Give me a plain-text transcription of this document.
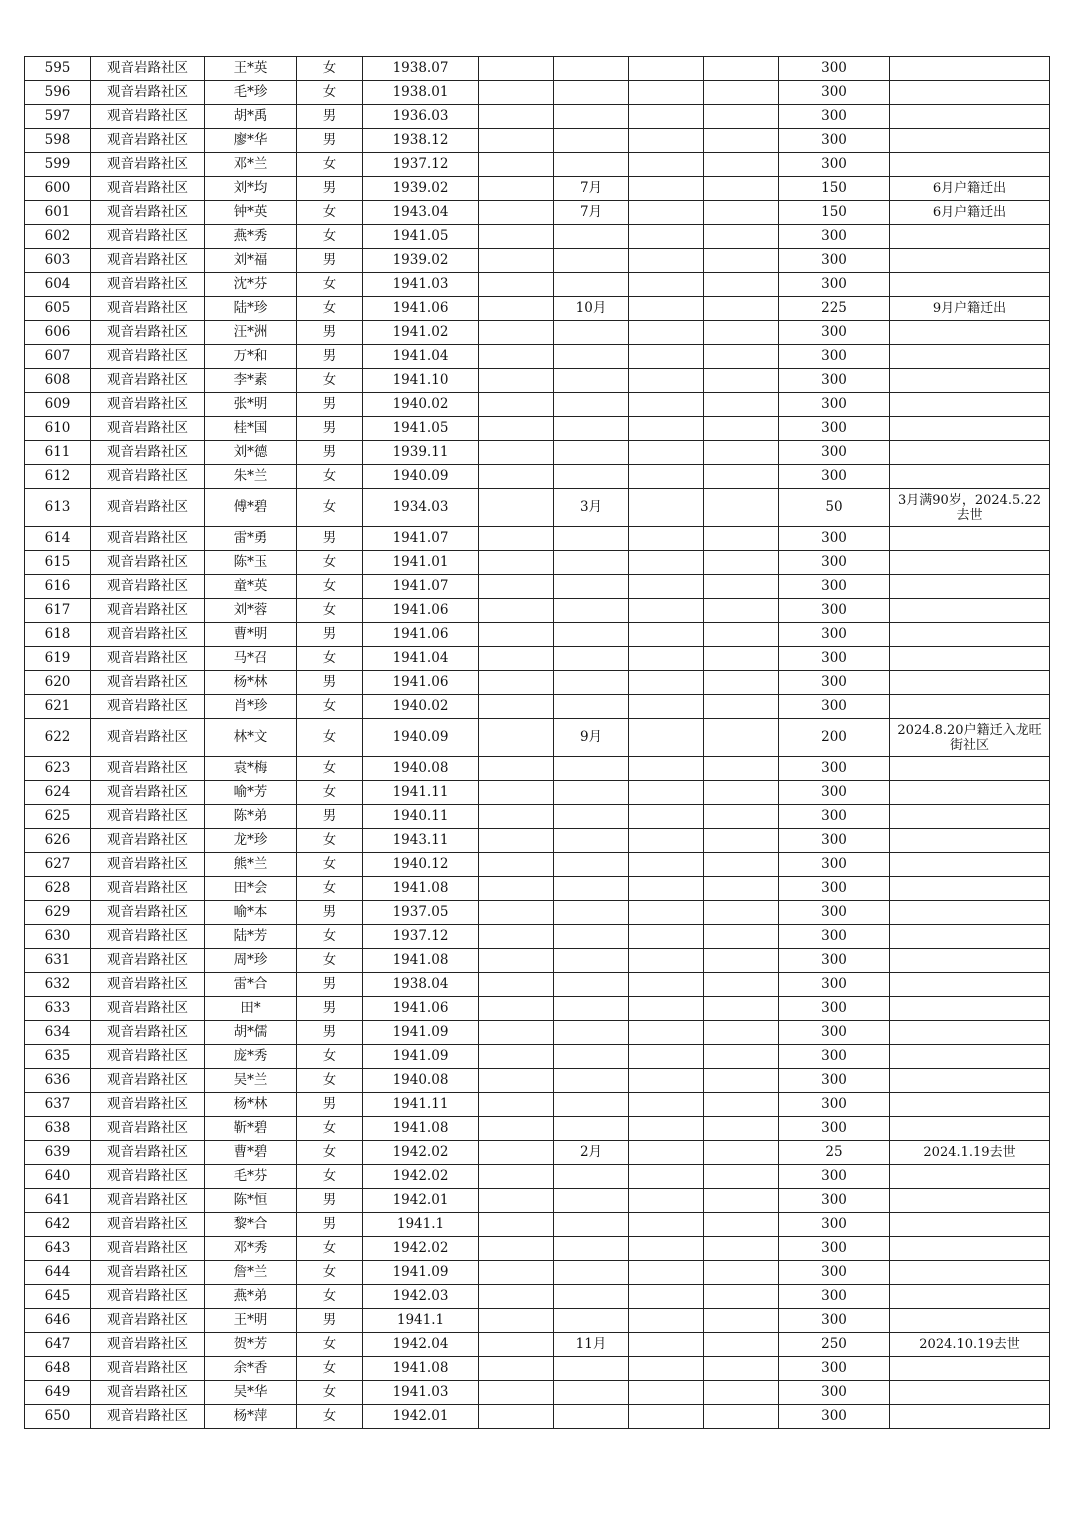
595	观音岩路社区	王*英	女	1938.07					300	
596	观音岩路社区	毛*珍	女	1938.01					300	
597	观音岩路社区	胡*禹	男	1936.03					300	
598	观音岩路社区	廖*华	男	1938.12					300	
599	观音岩路社区	邓*兰	女	1937.12					300	
600	观音岩路社区	刘*均	男	1939.02		7月			150	6月户籍迁出
601	观音岩路社区	钟*英	女	1943.04		7月			150	6月户籍迁出
602	观音岩路社区	燕*秀	女	1941.05					300	
603	观音岩路社区	刘*福	男	1939.02					300	
604	观音岩路社区	沈*芬	女	1941.03					300	
605	观音岩路社区	陆*珍	女	1941.06		10月			225	9月户籍迁出
606	观音岩路社区	汪*洲	男	1941.02					300	
607	观音岩路社区	万*和	男	1941.04					300	
608	观音岩路社区	李*素	女	1941.10					300	
609	观音岩路社区	张*明	男	1940.02					300	
610	观音岩路社区	桂*国	男	1941.05					300	
611	观音岩路社区	刘*德	男	1939.11					300	
612	观音岩路社区	朱*兰	女	1940.09					300	
613	观音岩路社区	傅*碧	女	1934.03		3月			50	3月满90岁，2024.5.22去世
614	观音岩路社区	雷*勇	男	1941.07					300	
615	观音岩路社区	陈*玉	女	1941.01					300	
616	观音岩路社区	童*英	女	1941.07					300	
617	观音岩路社区	刘*蓉	女	1941.06					300	
618	观音岩路社区	曹*明	男	1941.06					300	
619	观音岩路社区	马*召	女	1941.04					300	
620	观音岩路社区	杨*林	男	1941.06					300	
621	观音岩路社区	肖*珍	女	1940.02					300	
622	观音岩路社区	林*文	女	1940.09		9月			200	2024.8.20户籍迁入龙旺街社区
623	观音岩路社区	袁*梅	女	1940.08					300	
624	观音岩路社区	喻*芳	女	1941.11					300	
625	观音岩路社区	陈*弟	男	1940.11					300	
626	观音岩路社区	龙*珍	女	1943.11					300	
627	观音岩路社区	熊*兰	女	1940.12					300	
628	观音岩路社区	田*会	女	1941.08					300	
629	观音岩路社区	喻*本	男	1937.05					300	
630	观音岩路社区	陆*芳	女	1937.12					300	
631	观音岩路社区	周*珍	女	1941.08					300	
632	观音岩路社区	雷*合	男	1938.04					300	
633	观音岩路社区	田*	男	1941.06					300	
634	观音岩路社区	胡*儒	男	1941.09					300	
635	观音岩路社区	庞*秀	女	1941.09					300	
636	观音岩路社区	吴*兰	女	1940.08					300	
637	观音岩路社区	杨*林	男	1941.11					300	
638	观音岩路社区	靳*碧	女	1941.08					300	
639	观音岩路社区	曹*碧	女	1942.02		2月			25	2024.1.19去世
640	观音岩路社区	毛*芬	女	1942.02					300	
641	观音岩路社区	陈*恒	男	1942.01					300	
642	观音岩路社区	黎*合	男	1941.1					300	
643	观音岩路社区	邓*秀	女	1942.02					300	
644	观音岩路社区	詹*兰	女	1941.09					300	
645	观音岩路社区	燕*弟	女	1942.03					300	
646	观音岩路社区	王*明	男	1941.1					300	
647	观音岩路社区	贺*芳	女	1942.04		11月			250	2024.10.19去世
648	观音岩路社区	余*香	女	1941.08					300	
649	观音岩路社区	吴*华	女	1941.03					300	
650	观音岩路社区	杨*萍	女	1942.01					300	
